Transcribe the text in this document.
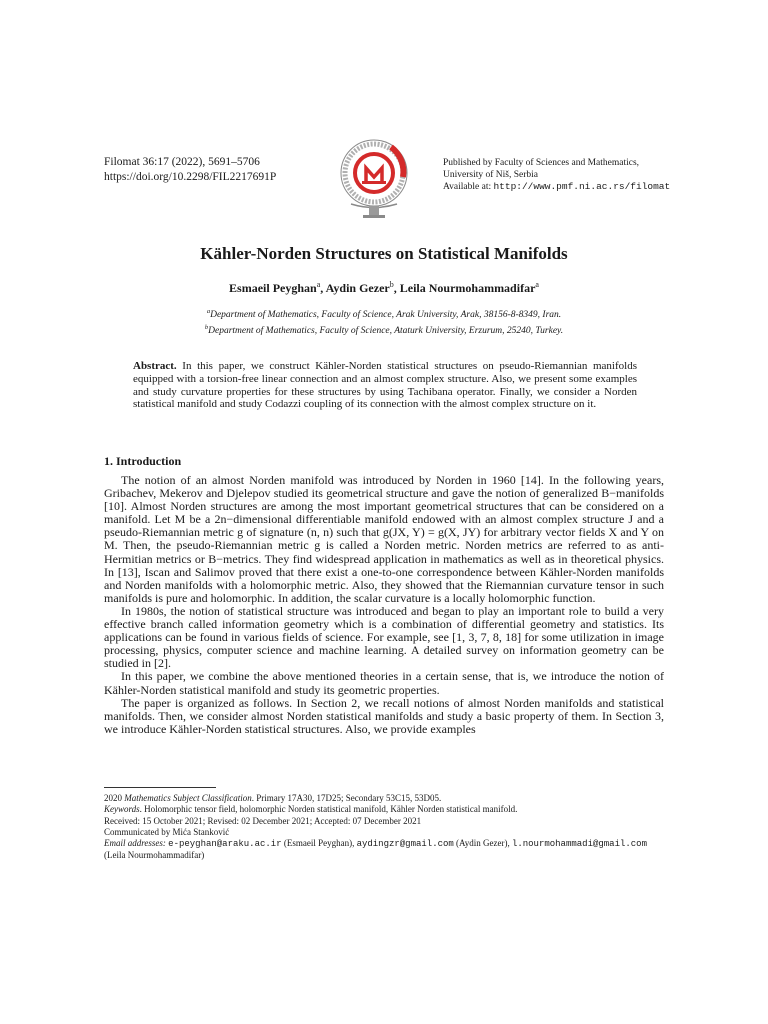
Filomat 36:17 (2022), 5691–5706
https://doi.org/10.2298/FIL2217691P
Published by Faculty of Sciences and Mathematics,
University of Niš, Serbia
Available at: http://www.pmf.ni.ac.rs/filomat
Kähler-Norden Structures on Statistical Manifolds
Esmaeil Peyghan$^a$, Aydin Gezer$^b$, Leila Nourmohammadifar$^a$
$^a$Department of Mathematics, Faculty of Science, Arak University, Arak, 38156-8-8349, Iran.
$^b$Department of Mathematics, Faculty of Science, Ataturk University, Erzurum, 25240, Turkey.
Abstract. In this paper, we construct Kähler-Norden statistical structures on pseudo-Riemannian manifolds equipped with a torsion-free linear connection and an almost complex structure. Also, we present some examples and study curvature properties for these structures by using Tachibana operator. Finally, we consider a Norden statistical manifold and study Codazzi coupling of its connection with the almost complex structure on it.
1. Introduction

The notion of an almost Norden manifold was introduced by Norden in 1960 [14]. In the following years, Gribachev, Mekerov and Djelepov studied its geometrical structure and gave the notion of generalized B−manifolds [10]. Almost Norden structures are among the most important geometrical structures that can be considered on a manifold. Let M be a 2n−dimensional differentiable manifold endowed with an almost complex structure J and a pseudo-Riemannian metric g of signature (n, n) such that g(JX, Y) = g(X, JY) for arbitrary vector fields X and Y on M. Then, the pseudo-Riemannian metric g is called a Norden metric. Norden metrics are referred to as anti-Hermitian metrics or B−metrics. They find widespread application in mathematics as well as in theoretical physics. In [13], Iscan and Salimov proved that there exist a one-to-one correspondence between Kähler-Norden manifolds and Norden manifolds with a holomorphic metric. Also, they showed that the Riemannian curvature tensor in such manifolds is pure and holomorphic. In addition, the scalar curvature is a locally holomorphic function.

In 1980s, the notion of statistical structure was introduced and began to play an important role to build a very effective branch called information geometry which is a combination of differential geometry and statistics. Its applications can be found in various fields of science. For example, see [1, 3, 7, 8, 18] for some utilization in image processing, physics, computer science and machine learning. A detailed survey on information geometry can be studied in [2].

In this paper, we combine the above mentioned theories in a certain sense, that is, we introduce the notion of Kähler-Norden statistical manifold and study its geometric properties.

The paper is organized as follows. In Section 2, we recall notions of almost Norden manifolds and statistical manifolds. Then, we consider almost Norden statistical manifolds and study a basic property of them. In Section 3, we introduce Kähler-Norden statistical structures. Also, we provide examples

2020 Mathematics Subject Classification. Primary 17A30, 17D25; Secondary 53C15, 53D05.
Keywords. Holomorphic tensor field, holomorphic Norden statistical manifold, Kähler Norden statistical manifold.
Received: 15 October 2021; Revised: 02 December 2021; Accepted: 07 December 2021
Communicated by Mića Stanković
Email addresses: e-peyghan@araku.ac.ir (Esmaeil Peyghan), aydingzr@gmail.com (Aydin Gezer), l.nourmohammadi@gmail.com
(Leila Nourmohammadifar)
